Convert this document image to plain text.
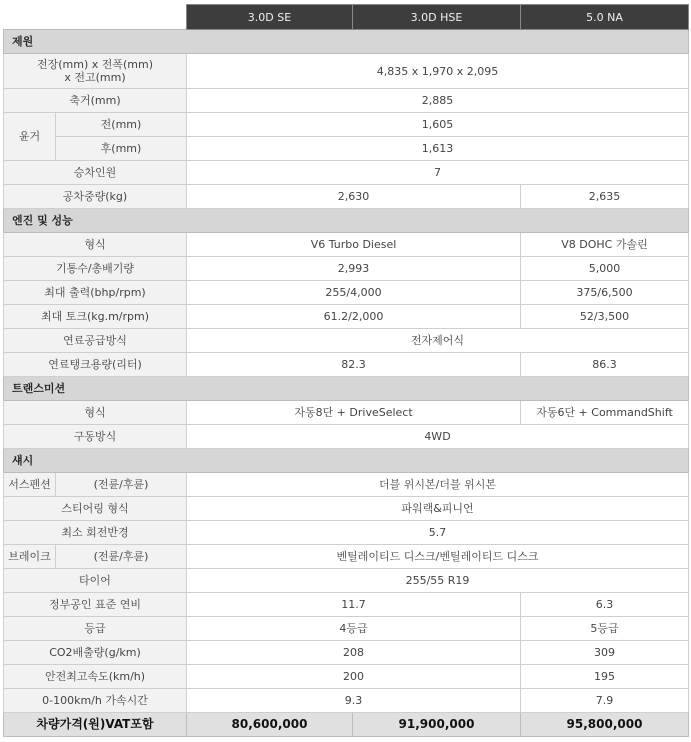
		3.0D SE	3.0D HSE	5.0 NA
제원				

전장(mm) x 전폭(mm)
x 전고(mm)		4,835 x 1,970 x 2,095		
축거(mm)		2,885		
윤거	전(mm)	1,605		
	후(mm)	1,613		
승차인원		7		
공차중량(kg)		2,630		2,635
엔진 및 성능				
형식		V6 Turbo Diesel		V8 DOHC 가솔린
기통수/총배기량		2,993		5,000
최대 출력(bhp/rpm)		255/4,000		375/6,500
최대 토크(kg.m/rpm)		61.2/2,000		52/3,500
연료공급방식		전자제어식		
연료탱크용량(리터)		82.3		86.3
트랜스미션				
형식		자동8단 + DriveSelect		자동6단 + CommandShift
구동방식		4WD		
섀시				
서스펜션	(전륜/후륜)	더블 위시본/더블 위시본		
스티어링 형식		파워랙&피니언		
최소 회전반경		5.7		
브레이크	(전륜/후륜)	벤틸레이티드 디스크/벤틸레이티드 디스크		
타이어		255/55 R19		
정부공인 표준 연비		11.7		6.3
등급		4등급		5등급
CO2배출량(g/km)		208		309
안전최고속도(km/h)		200		195
0-100km/h 가속시간		9.3		7.9
차량가격(원)VAT포함		80,600,000	91,900,000	95,800,000
